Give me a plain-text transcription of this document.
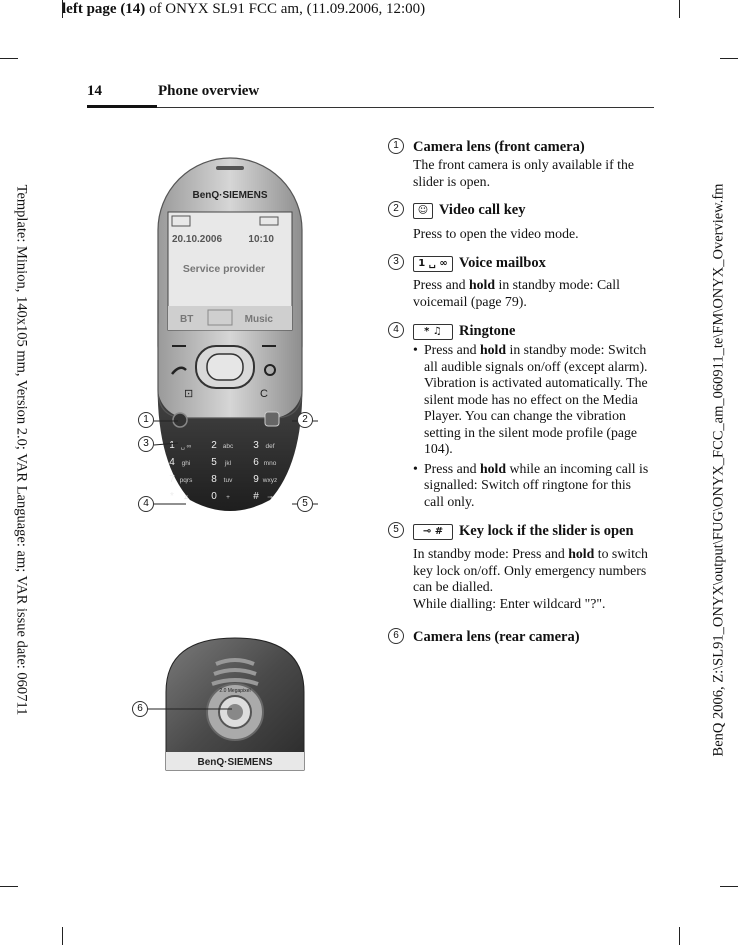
left page (14) of ONYX SL91 FCC am, (11.09.2006, 12:00)
Template: Minion, 140x105 mm, Version 2.0; VAR Language: am; VAR issue date: 060711	BenQ 2006, Z:\SL91_ONYX\output\FUG\ONYX_FCC_am_060911_te\FM\ONYX_Overview.fm
14	Phone overview
BenQ·SIEMENS
20.10.2006	10:10
Service provider
BT	Music
⊡	C
1 ␣ ∞ 2 abc 3 def
4 ghi 5 jkl 6 mno
7 pqrs 8 tuv 9 wxyz
* ♫ 0 + # ⊸
2.0 Megapixel
BenQ·SIEMENS
1	2
3
4	5
6
1 Camera lens (front camera)
The front camera is only available if the slider is open.
2	☺ Video call key
Press to open the video mode.
3	1 ␣ ∞ Voice mailbox
Press and hold in standby mode: Call voicemail (page 79).
4	* ♫ Ringtone
• Press and hold in standby mode: Switch all audible signals on/off (except alarm). Vibration is activated automatically. The silent mode has no effect on the Media Player. You can change the vibration setting in the silent mode profile (page 104).
• Press and hold while an incoming call is signalled: Switch off ringtone for this call only.
5	⊸ # Key lock if the slider is open
In standby mode: Press and hold to switch key lock on/off. Only emergency numbers can be dialled.
While dialling: Enter wildcard "?".
6 Camera lens (rear camera)
